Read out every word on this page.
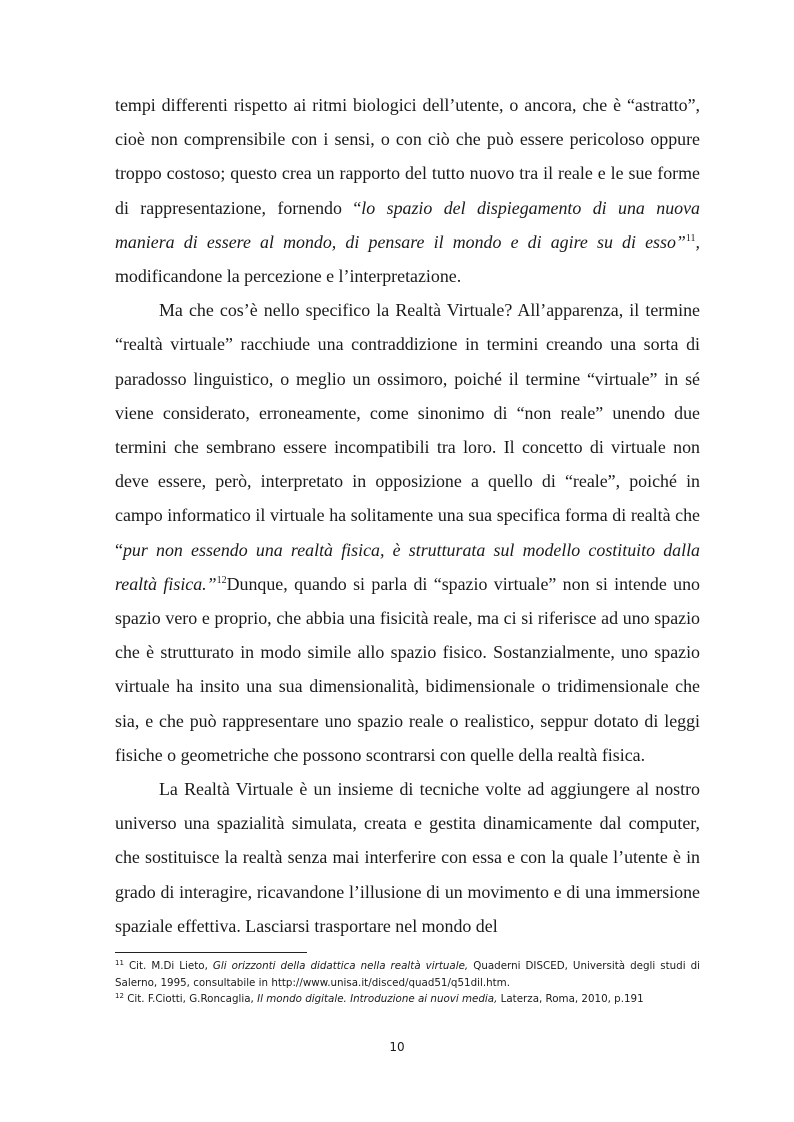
tempi differenti rispetto ai ritmi biologici dell’utente, o ancora, che è “astratto”, cioè non comprensibile con i sensi, o con ciò che può essere pericoloso oppure troppo costoso; questo crea un rapporto del tutto nuovo tra il reale e le sue forme di rappresentazione, fornendo “lo spazio del dispiegamento di una nuova maniera di essere al mondo, di pensare il mondo e di agire su di esso”$^{11}$, modificandone la percezione e l’interpretazione.

Ma che cos’è nello specifico la Realtà Virtuale? All’apparenza, il termine “realtà virtuale” racchiude una contraddizione in termini creando una sorta di paradosso linguistico, o meglio un ossimoro, poiché il termine “virtuale” in sé viene considerato, erroneamente, come sinonimo di “non reale” unendo due termini che sembrano essere incompatibili tra loro. Il concetto di virtuale non deve essere, però, interpretato in opposizione a quello di “reale”, poiché in campo informatico il virtuale ha solitamente una sua specifica forma di realtà che “pur non essendo una realtà fisica, è strutturata sul modello costituito dalla realtà fisica.”$^{12}$Dunque, quando si parla di “spazio virtuale” non si intende uno spazio vero e proprio, che abbia una fisicità reale, ma ci si riferisce ad uno spazio che è strutturato in modo simile allo spazio fisico. Sostanzialmente, uno spazio virtuale ha insito una sua dimensionalità, bidimensionale o tridimensionale che sia, e che può rappresentare uno spazio reale o realistico, seppur dotato di leggi fisiche o geometriche che possono scontrarsi con quelle della realtà fisica.

La Realtà Virtuale è un insieme di tecniche volte ad aggiungere al nostro universo una spazialità simulata, creata e gestita dinamicamente dal computer, che sostituisce la realtà senza mai interferire con essa e con la quale l’utente è in grado di interagire, ricavandone l’illusione di un movimento e di una immersione spaziale effettiva. Lasciarsi trasportare nel mondo del

$^{11}$ Cit. M.Di Lieto, Gli orizzonti della didattica nella realtà virtuale, Quaderni DISCED, Università degli studi di Salerno, 1995, consultabile in http://www.unisa.it/disced/quad51/q51dil.htm.

$^{12}$ Cit. F.Ciotti, G.Roncaglia, Il mondo digitale. Introduzione ai nuovi media, Laterza, Roma, 2010, p.191

10
